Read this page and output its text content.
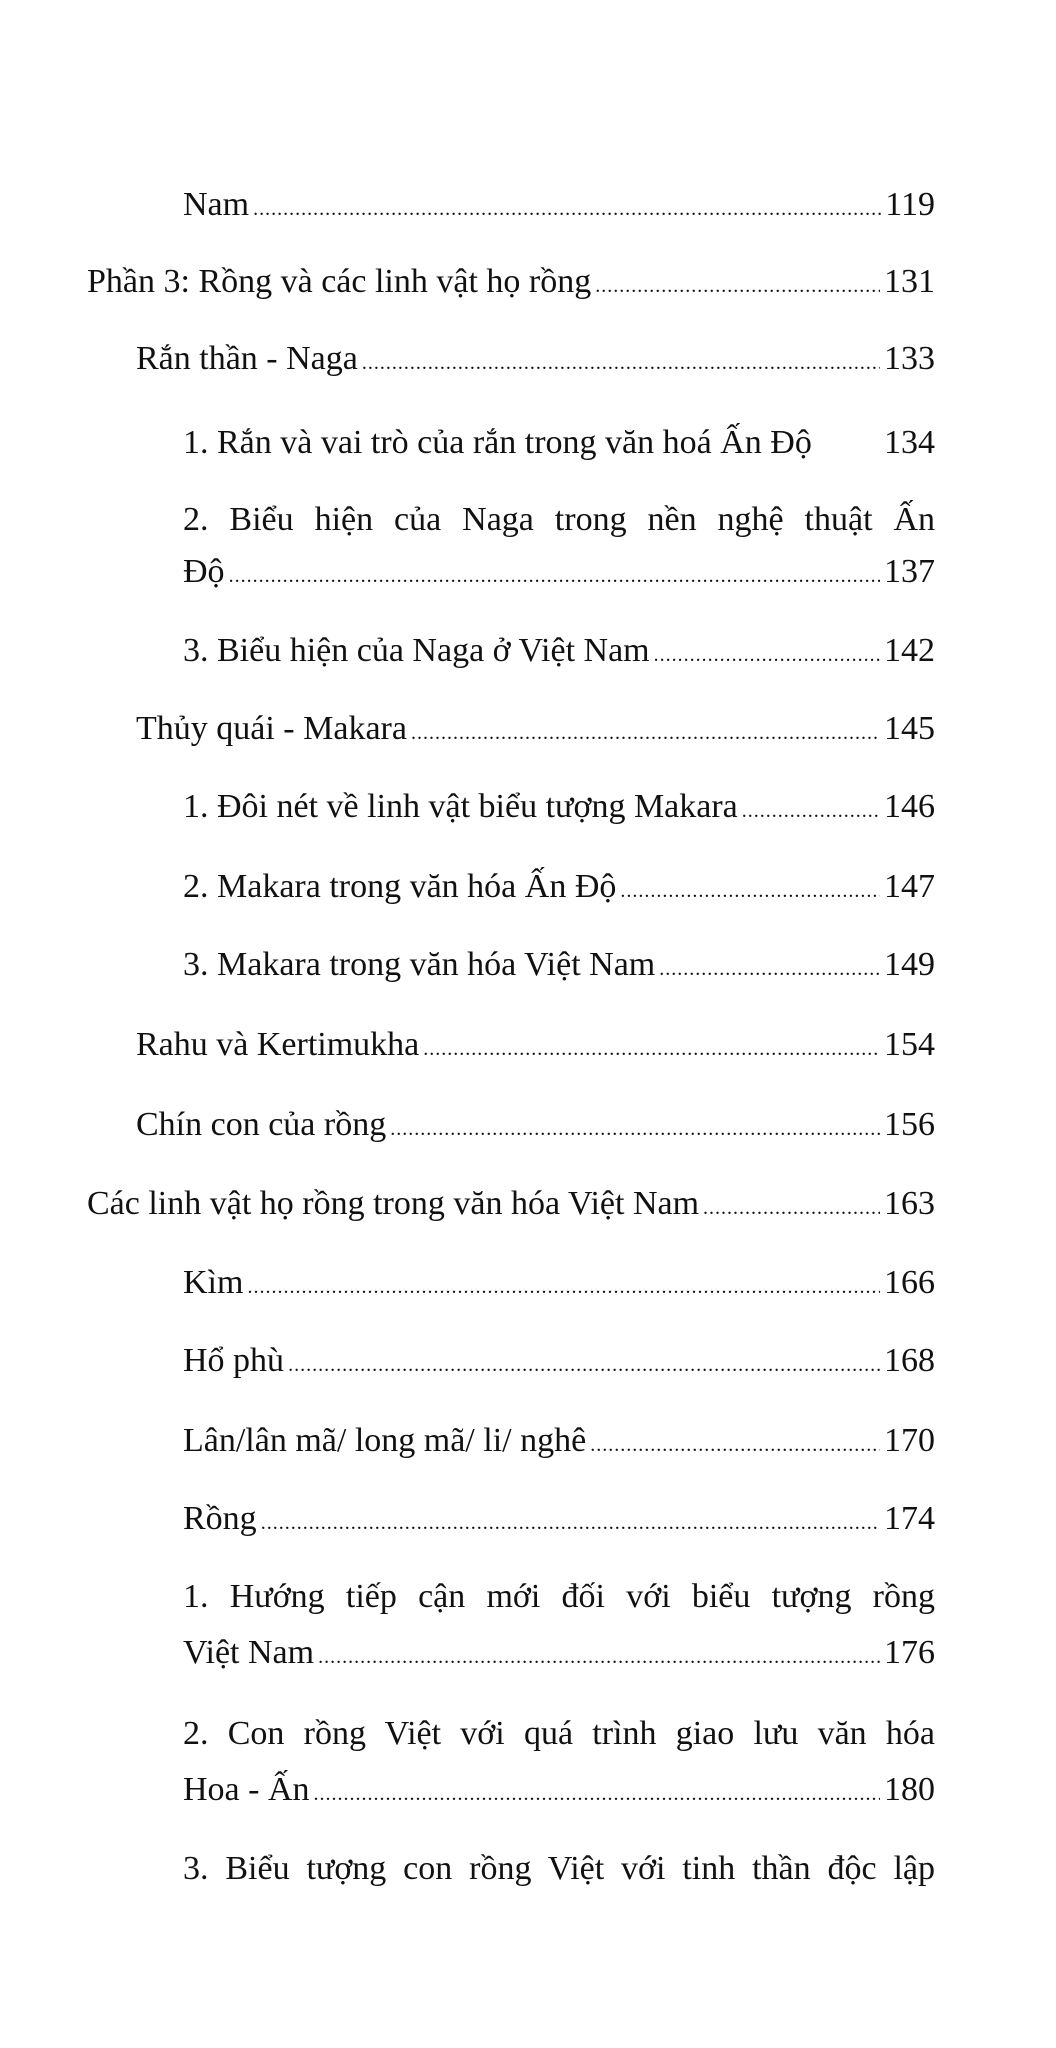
Nam .....	119
Phần 3: Rồng và các linh vật họ rồng .....	131
Rắn thần - Naga .....	133
1. Rắn và vai trò của rắn trong văn hoá Ấn Độ 134
2. Biểu hiện của Naga trong nền nghệ thuật Ấn
Độ .....	137
3. Biểu hiện của Naga ở Việt Nam .....	142
Thủy quái - Makara .....	145
1. Đôi nét về linh vật biểu tượng Makara .....	146
2. Makara trong văn hóa Ấn Độ .....	147
3. Makara trong văn hóa Việt Nam .....	149
Rahu và Kertimukha .....	154
Chín con của rồng .....	156
Các linh vật họ rồng trong văn hóa Việt Nam .....	163
Kìm .....	166
Hổ phù .....	168
Lân/lân mã/ long mã/ li/ nghê .....	170
Rồng .....	174
1. Hướng tiếp cận mới đối với biểu tượng rồng
Việt Nam .....	176
2. Con rồng Việt với quá trình giao lưu văn hóa
Hoa - Ấn .....	180
3. Biểu tượng con rồng Việt với tinh thần độc lập
